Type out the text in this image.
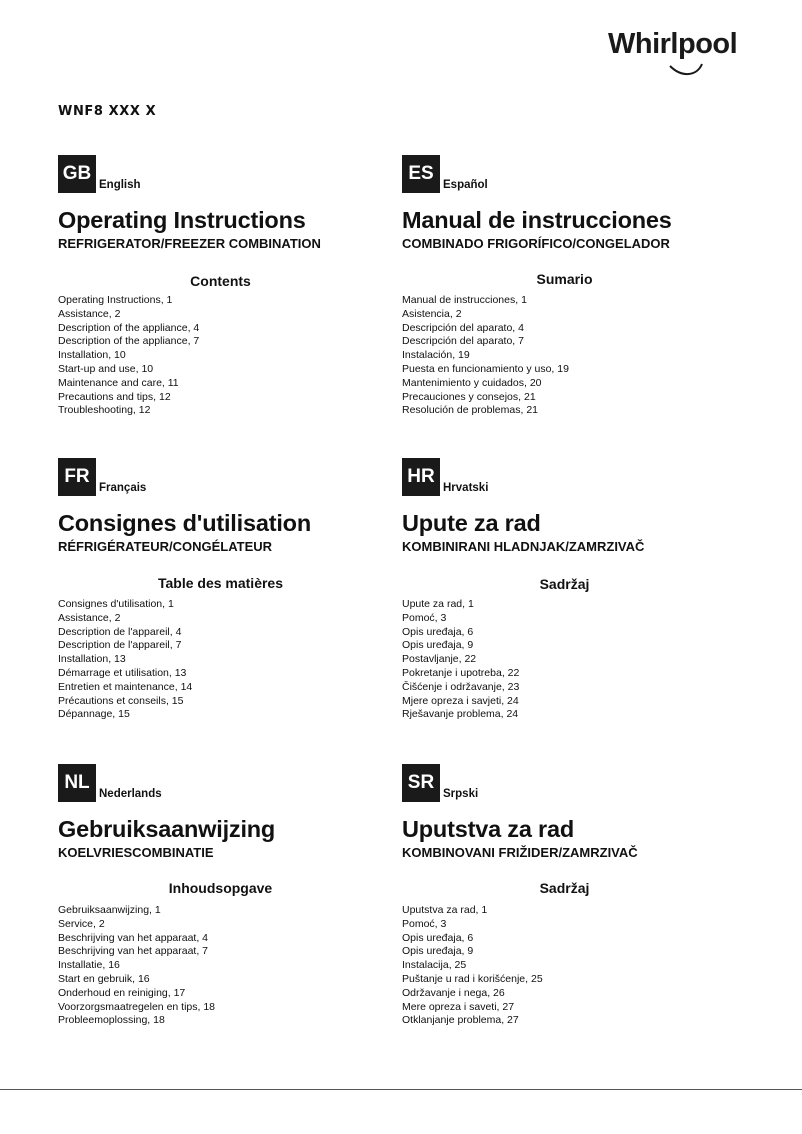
Whirlpool
WNF8 XXX X
GB
English
Operating Instructions
REFRIGERATOR/FREEZER COMBINATION
Contents
Operating Instructions, 1
Assistance, 2
Description of the appliance, 4
Description of the appliance, 7
Installation, 10
Start-up and use, 10
Maintenance and care, 11
Precautions and tips, 12
Troubleshooting, 12
ES
Español
Manual de instrucciones
COMBINADO FRIGORÍFICO/CONGELADOR
Sumario
Manual de instrucciones, 1
Asistencia, 2
Descripción del aparato, 4
Descripción del aparato, 7
Instalación, 19
Puesta en funcionamiento y uso, 19
Mantenimiento y cuidados, 20
Precauciones y consejos, 21
Resolución de problemas, 21
FR
Français
Consignes d'utilisation
RÉFRIGÉRATEUR/CONGÉLATEUR
Table des matières
Consignes d'utilisation, 1
Assistance, 2
Description de l'appareil, 4
Description de l'appareil, 7
Installation, 13
Démarrage et utilisation, 13
Entretien et maintenance, 14
Précautions et conseils, 15
Dépannage, 15
HR
Hrvatski
Upute za rad
KOMBINIRANI HLADNJAK/ZAMRZIVAČ
Sadržaj
Upute za rad, 1
Pomoć, 3
Opis uređaja, 6
Opis uređaja, 9
Postavljanje, 22
Pokretanje i upotreba, 22
Čišćenje i održavanje, 23
Mjere opreza i savjeti, 24
Rješavanje problema, 24
NL
Nederlands
Gebruiksaanwijzing
KOELVRIESCOMBINATIE
Inhoudsopgave
Gebruiksaanwijzing, 1
Service, 2
Beschrijving van het apparaat, 4
Beschrijving van het apparaat, 7
Installatie, 16
Start en gebruik, 16
Onderhoud en reiniging, 17
Voorzorgsmaatregelen en tips, 18
Probleemoplossing, 18
SR
Srpski
Uputstva za rad
KOMBINOVANI FRIŽIDER/ZAMRZIVAČ
Sadržaj
Uputstva za rad, 1
Pomoć, 3
Opis uređaja, 6
Opis uređaja, 9
Instalacija, 25
Puštanje u rad i korišćenje, 25
Održavanje i nega, 26
Mere opreza i saveti, 27
Otklanjanje problema, 27
